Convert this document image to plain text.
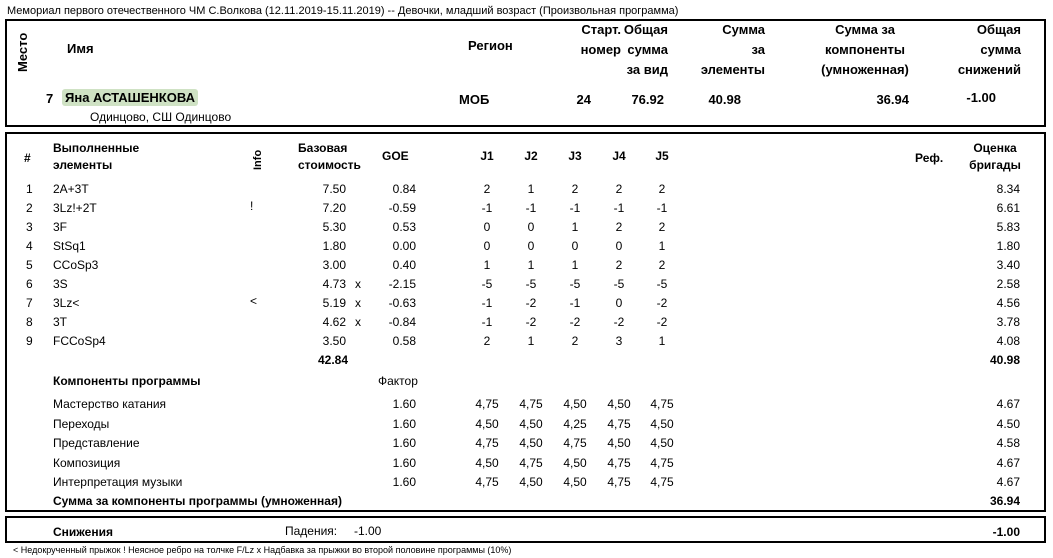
Мемориал первого отечественного ЧМ С.Волкова (12.11.2019-15.11.2019) -- Девочки, младший возраст (Произвольная программа)
Место	Имя	Регион
Старт.
номер
Общая
сумма
за вид
Сумма
за
элементы
Сумма за
компоненты
(умноженная)
Общая
сумма
снижений
7 Яна АСТАШЕНКОВА
Одинцово, СШ Одинцово
МОБ	24	76.92	40.98	36.94	-1.00
#
Выполненные
элементы	Info
Базовая
стоимость
GOE	J1	J2	J3	J4	J5	Реф.
Оценка
бригады
1 2A+3T	7.50	0.84	2	1	2	2	2	8.34
2 3Lz!+2T	!	7.20	-0.59	-1	-1	-1	-1	-1	6.61
3 3F	5.30	0.53	0	0	1	2	2	5.83
4 StSq1	1.80	0.00	0	0	0	0	1	1.80
5 CCoSp3	3.00	0.40	1	1	1	2	2	3.40
6 3S	4.73 x	-2.15	-5	-5	-5	-5	-5	2.58
7 3Lz<	<	5.19 x	-0.63	-1	-2	-1	0	-2	4.56
8 3T	4.62 x	-0.84	-1	-2	-2	-2	-2	3.78
9 FCCoSp4	3.50	0.58	2	1	2	3	1	4.08
42.84	40.98
Компоненты программы	Фактор
Мастерство катания	1.60	4,75	4,75	4,50	4,50	4,75	4.67
Переходы	1.60	4,50	4,50	4,25	4,75	4,50	4.50
Представление	1.60	4,75	4,50	4,75	4,50	4,50	4.58
Композиция	1.60	4,50	4,75	4,50	4,75	4,75	4.67
Интерпретация музыки	1.60	4,75	4,50	4,50	4,75	4,75	4.67
Сумма за компоненты программы (умноженная)	36.94
Снижения	Падения: -1.00	-1.00
< Недокрученный прыжок ! Неясное ребро на толчке F/Lz x Надбавка за прыжки во второй половине программы (10%)
